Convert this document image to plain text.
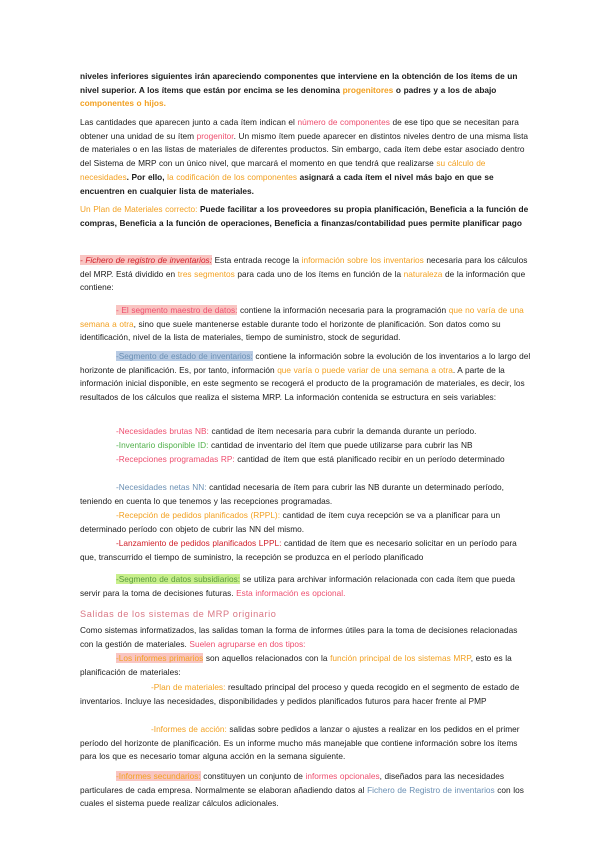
niveles inferiores siguientes irán apareciendo componentes que interviene en la obtención de los ítems de un nivel superior. A los ítems que están por encima se les denomina progenitores o padres y a los de abajo componentes o hijos.

Las cantidades que aparecen junto a cada ítem indican el número de componentes de ese tipo que se necesitan para obtener una unidad de su ítem progenitor. Un mismo ítem puede aparecer en distintos niveles dentro de una misma lista de materiales o en las listas de materiales de diferentes productos. Sin embargo, cada ítem debe estar asociado dentro del Sistema de MRP con un único nivel, que marcará el momento en que tendrá que realizarse su cálculo de necesidades. Por ello, la codificación de los componentes asignará a cada ítem el nivel más bajo en que se encuentren en cualquier lista de materiales.

Un Plan de Materiales correcto: Puede facilitar a los proveedores su propia planificación, Beneficia a la función de compras, Beneficia a la función de operaciones, Beneficia a finanzas/contabilidad pues permite planificar pago

- Fichero de registro de inventarios: Esta entrada recoge la información sobre los inventarios necesaria para los cálculos del MRP. Está dividido en tres segmentos para cada uno de los ítems en función de la naturaleza de la información que contiene:

- El segmento maestro de datos: contiene la información necesaria para la programación que no varía de una semana a otra, sino que suele mantenerse estable durante todo el horizonte de planificación. Son datos como su identificación, nivel de la lista de materiales, tiempo de suministro, stock de seguridad.

-Segmento de estado de inventarios: contiene la información sobre la evolución de los inventarios a lo largo del horizonte de planificación. Es, por tanto, información que varía o puede variar de una semana a otra. A parte de la información inicial disponible, en este segmento se recogerá el producto de la programación de materiales, es decir, los resultados de los cálculos que realiza el sistema MRP. La información contenida se estructura en seis variables:

-Necesidades brutas NB: cantidad de ítem necesaria para cubrir la demanda durante un período.

-Inventario disponible ID: cantidad de inventario del ítem que puede utilizarse para cubrir las NB

-Recepciones programadas RP: cantidad de ítem que está planificado recibir en un período determinado

-Necesidades netas NN: cantidad necesaria de ítem para cubrir las NB durante un determinado período, teniendo en cuenta lo que tenemos y las recepciones programadas.

-Recepción de pedidos planificados (RPPL): cantidad de ítem cuya recepción se va a planificar para un determinado período con objeto de cubrir las NN del mismo.

-Lanzamiento de pedidos planificados LPPL: cantidad de ítem que es necesario solicitar en un período para que, transcurrido el tiempo de suministro, la recepción se produzca en el período planificado

-Segmento de datos subsidiarios: se utiliza para archivar información relacionada con cada ítem que pueda servir para la toma de decisiones futuras. Esta información es opcional.

Salidas de los sistemas de MRP originario

Como sistemas informatizados, las salidas toman la forma de informes útiles para la toma de decisiones relacionadas con la gestión de materiales. Suelen agruparse en dos tipos:

-Los informes primarios son aquellos relacionados con la función principal de los sistemas MRP, esto es la planificación de materiales:

-Plan de materiales: resultado principal del proceso y queda recogido en el segmento de estado de inventarios. Incluye las necesidades, disponibilidades y pedidos planificados futuros para hacer frente al PMP

-Informes de acción: salidas sobre pedidos a lanzar o ajustes a realizar en los pedidos en el primer período del horizonte de planificación. Es un informe mucho más manejable que contiene información sobre los ítems para los que es necesario tomar alguna acción en la semana siguiente.

-Informes secundarios: constituyen un conjunto de informes opcionales, diseñados para las necesidades particulares de cada empresa. Normalmente se elaboran añadiendo datos al Fichero de Registro de inventarios con los cuales el sistema puede realizar cálculos adicionales.
